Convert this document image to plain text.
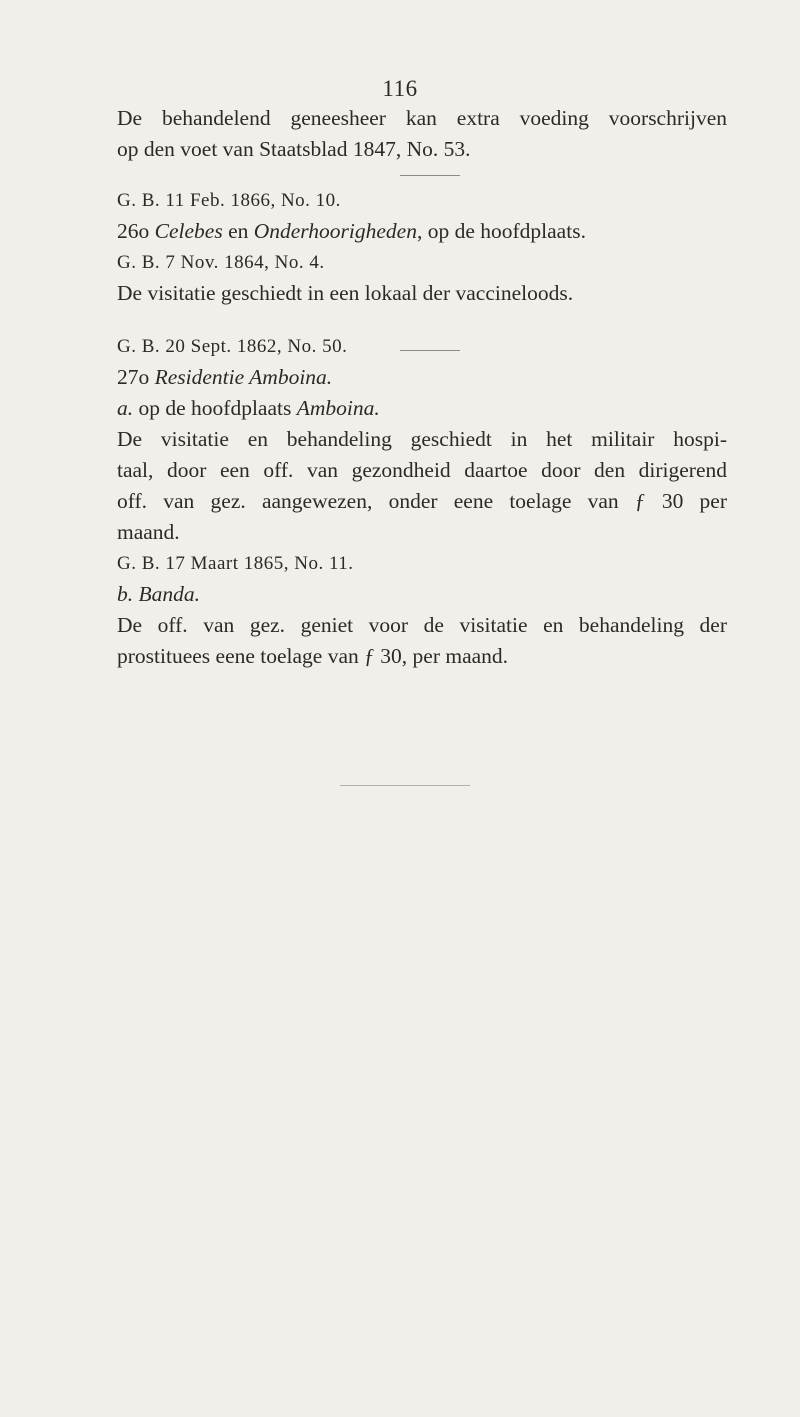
116
De behandelend geneesheer kan extra voeding voorschrijven
op den voet van Staatsblad 1847, No. 53.
G. B. 11 Feb. 1866, No. 10.
26o Celebes en Onderhoorigheden, op de hoofdplaats.
G. B. 7 Nov. 1864, No. 4.
De visitatie geschiedt in een lokaal der vaccineloods.
G. B. 20 Sept. 1862, No. 50.
27o Residentie Amboina.
a. op de hoofdplaats Amboina.
De visitatie en behandeling geschiedt in het militair hospi-
taal, door een off. van gezondheid daartoe door den dirigerend
off. van gez. aangewezen, onder eene toelage van ƒ 30 per
maand.
G. B. 17 Maart 1865, No. 11.
b. Banda.
De off. van gez. geniet voor de visitatie en behandeling der
prostituees eene toelage van ƒ 30, per maand.
